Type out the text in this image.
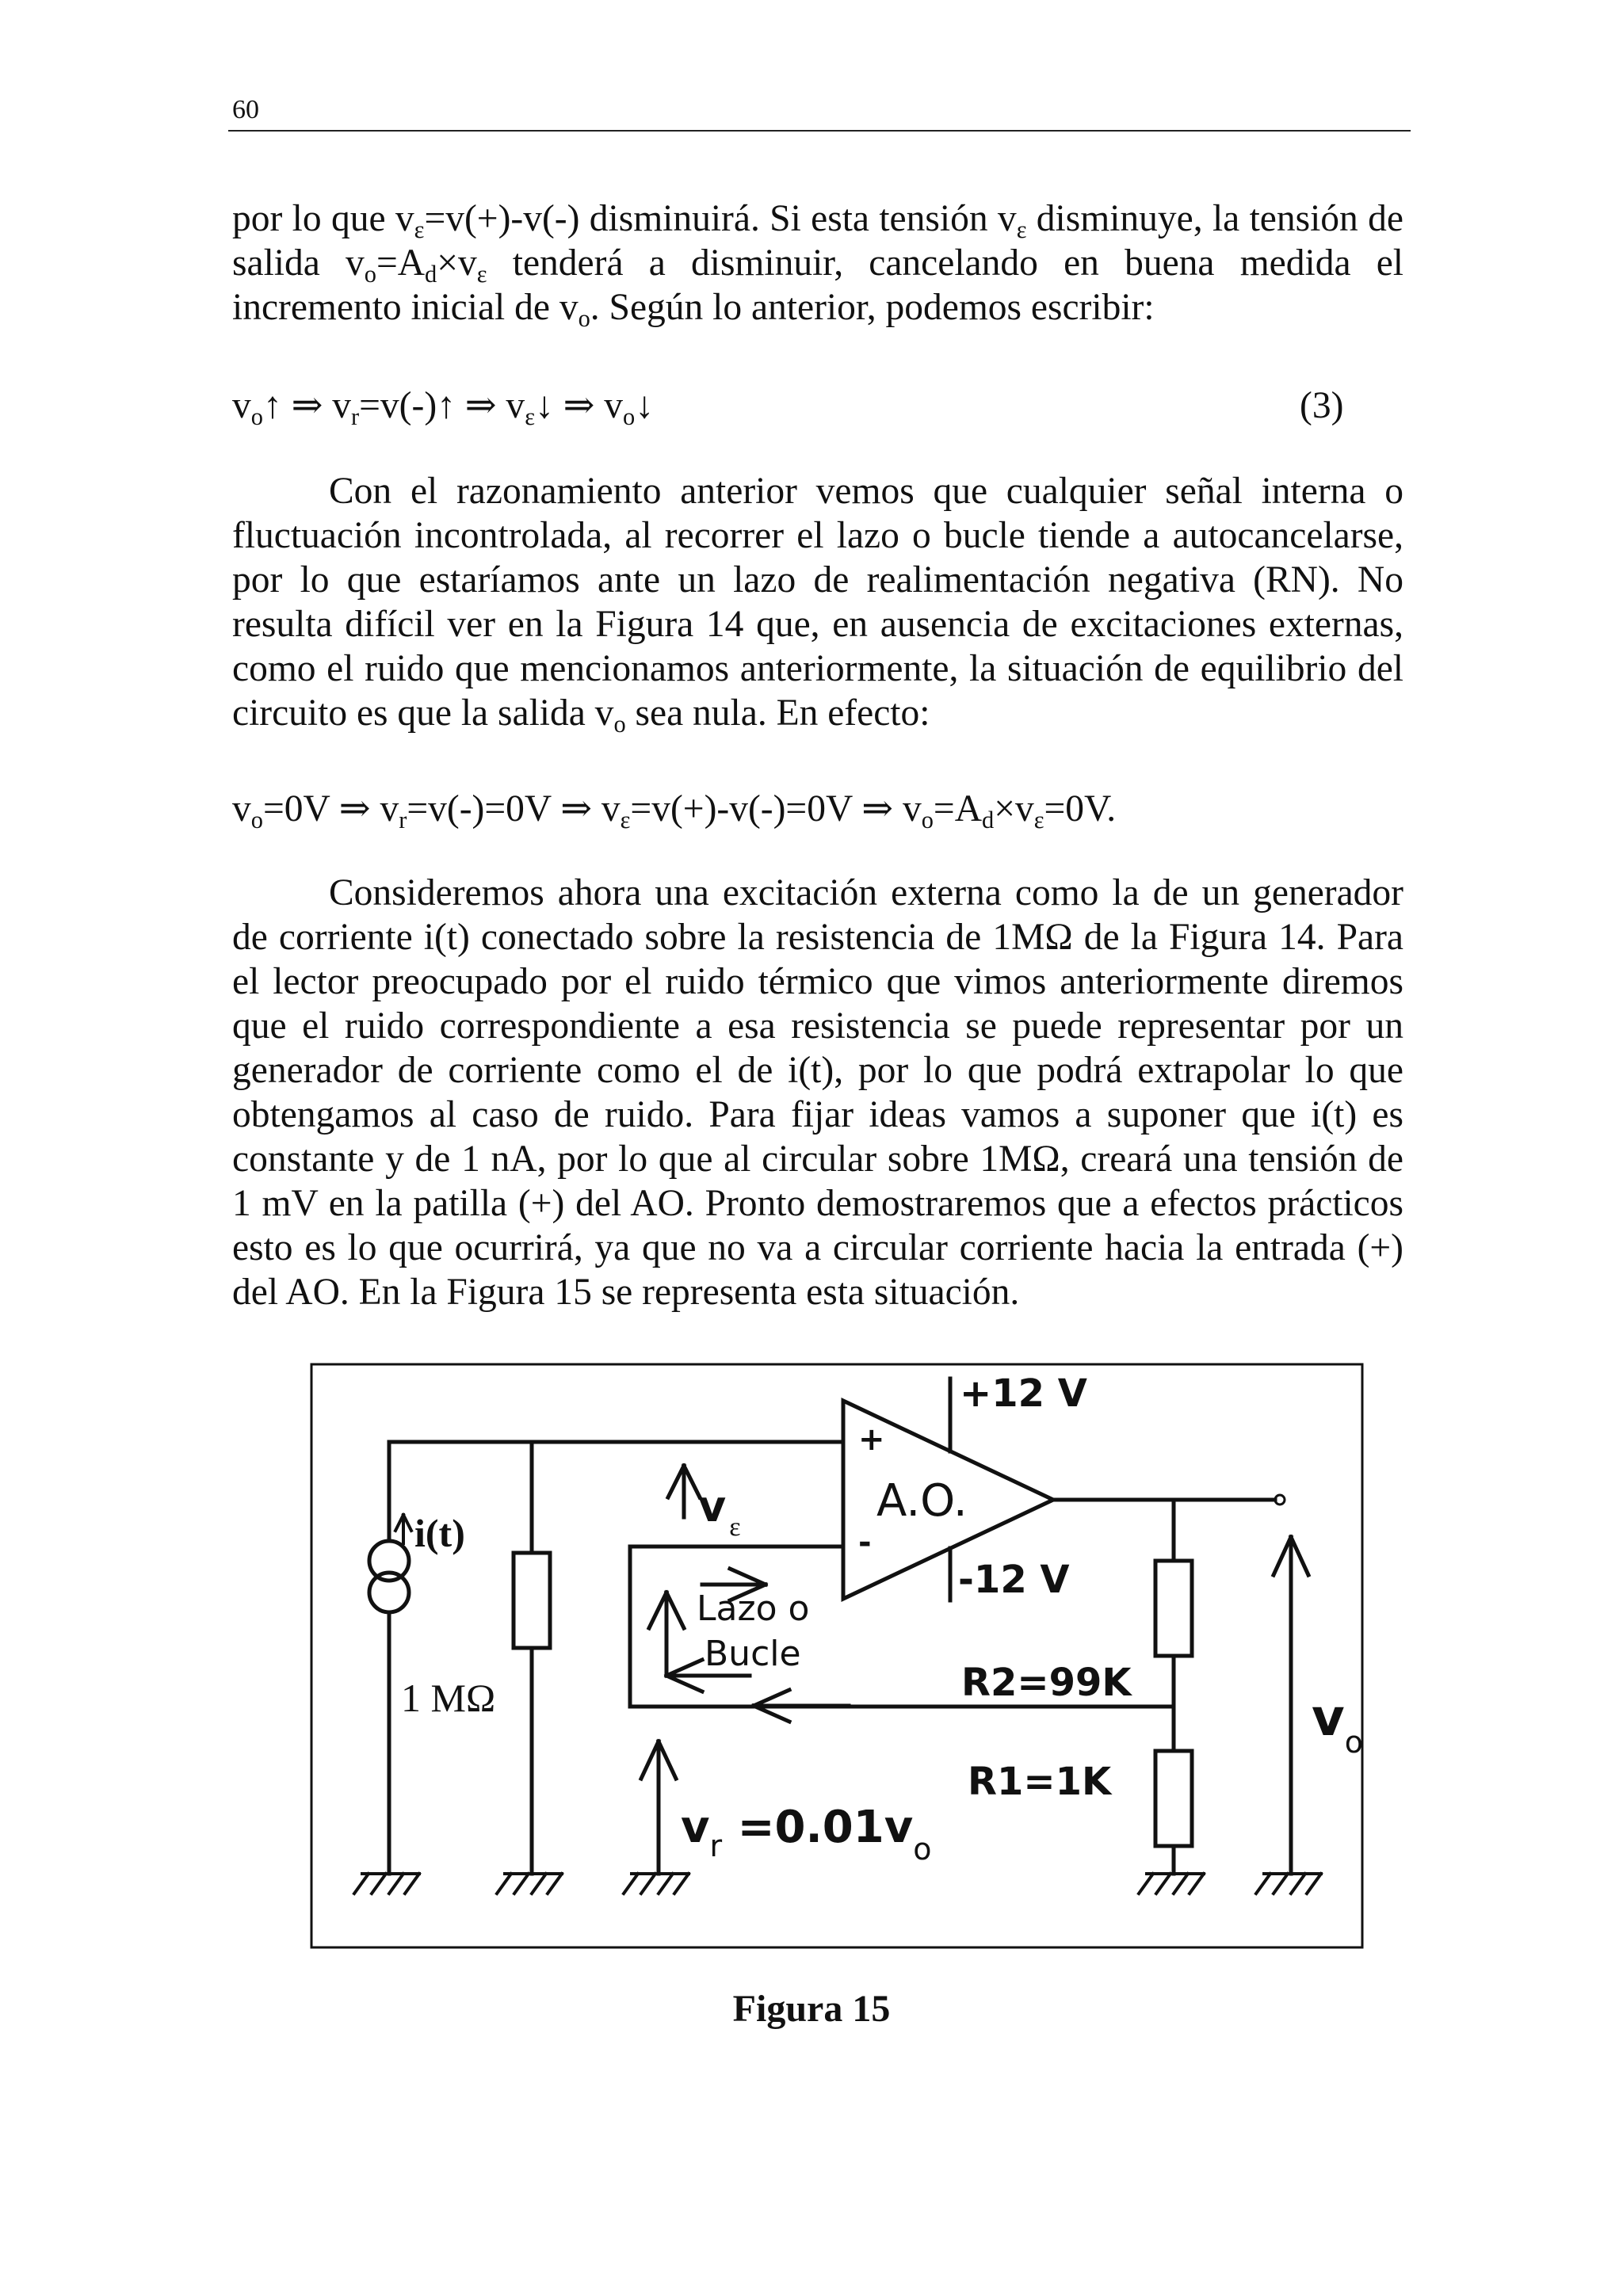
60

por lo que $v_\varepsilon=v(+)-v(-)$ disminuirá. Si esta tensión $v_\varepsilon$ disminuye, la tensión de salida $v_o=A_d\times v_\varepsilon$ tenderá a disminuir, cancelando en buena medida el incremento inicial de $v_o$. Según lo anterior, podemos escribir:

$v_o↑$ ⇒ $v_r=v(-)↑$ ⇒ $v_\varepsilon↓$ ⇒ $v_o↓$	(3)

Con el razonamiento anterior vemos que cualquier señal interna o fluctuación incontrolada, al recorrer el lazo o bucle tiende a autocancelarse, por lo que estaríamos ante un lazo de realimentación negativa (RN). No resulta difícil ver en la Figura 14 que, en ausencia de excitaciones externas, como el ruido que mencionamos anteriormente, la situación de equilibrio del circuito es que la salida $v_o$ sea nula. En efecto:

$v_o=0V$ ⇒ $v_r=v(-)=0V$ ⇒ $v_\varepsilon=v(+)-v(-)=0V$ ⇒ $v_o=A_d\times v_\varepsilon=0V$.

Consideremos ahora una excitación externa como la de un generador de corriente i(t) conectado sobre la resistencia de 1MΩ de la Figura 14. Para el lector preocupado por el ruido térmico que vimos anteriormente diremos que el ruido correspondiente a esa resistencia se puede representar por un generador de corriente como el de i(t), por lo que podrá extrapolar lo que obtengamos al caso de ruido. Para fijar ideas vamos a suponer que i(t) es constante y de 1 nA, por lo que al circular sobre 1MΩ, creará una tensión de 1 mV en la patilla (+) del AO. Pronto demostraremos que a efectos prácticos esto es lo que ocurrirá, ya que no va a circular corriente hacia la entrada (+) del AO. En la Figura 15 se representa esta situación.

+12 V
-12 V
A.O.
+
-
i(t)
1 MΩ
v $_\varepsilon$
Lazo o
Bucle
R2=99K
R1=1K
$v_r =0.01v_o$
$v_o$
Figura 15
